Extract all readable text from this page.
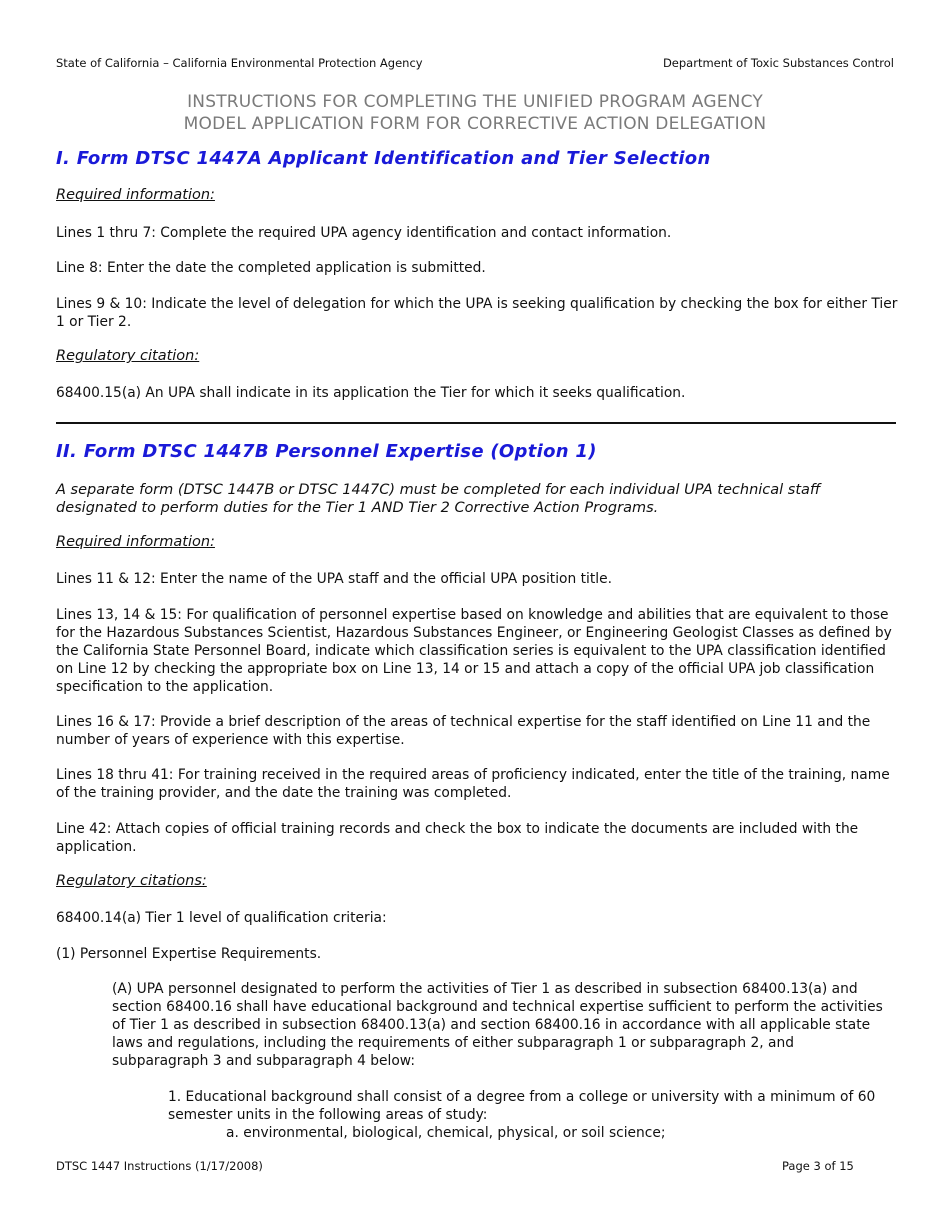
State of California – California Environmental Protection Agency	Department of Toxic Substances Control
INSTRUCTIONS FOR COMPLETING THE UNIFIED PROGRAM AGENCY
MODEL APPLICATION FORM FOR CORRECTIVE ACTION DELEGATION
I. Form DTSC 1447A Applicant Identification and Tier Selection
Required information:

Lines 1 thru 7: Complete the required UPA agency identification and contact information.

Line 8: Enter the date the completed application is submitted.

Lines 9 & 10: Indicate the level of delegation for which the UPA is seeking qualification by checking the box for either Tier 1 or Tier 2.

Regulatory citation:

68400.15(a) An UPA shall indicate in its application the Tier for which it seeks qualification.

II. Form DTSC 1447B Personnel Expertise (Option 1)
A separate form (DTSC 1447B or DTSC 1447C) must be completed for each individual UPA technical staff designated to perform duties for the Tier 1 AND Tier 2 Corrective Action Programs.
Required information:

Lines 11 & 12: Enter the name of the UPA staff and the official UPA position title.

Lines 13, 14 & 15: For qualification of personnel expertise based on knowledge and abilities that are equivalent to those for the Hazardous Substances Scientist, Hazardous Substances Engineer, or Engineering Geologist Classes as defined by the California State Personnel Board, indicate which classification series is equivalent to the UPA classification identified on Line 12 by checking the appropriate box on Line 13, 14 or 15 and attach a copy of the official UPA job classification specification to the application.

Lines 16 & 17: Provide a brief description of the areas of technical expertise for the staff identified on Line 11 and the number of years of experience with this expertise.

Lines 18 thru 41: For training received in the required areas of proficiency indicated, enter the title of the training, name of the training provider, and the date the training was completed.

Line 42: Attach copies of official training records and check the box to indicate the documents are included with the application.

Regulatory citations:

68400.14(a) Tier 1 level of qualification criteria:

(1) Personnel Expertise Requirements.

(A) UPA personnel designated to perform the activities of Tier 1 as described in subsection 68400.13(a) and section 68400.16 shall have educational background and technical expertise sufficient to perform the activities of Tier 1 as described in subsection 68400.13(a) and section 68400.16 in accordance with all applicable state laws and regulations, including the requirements of either subparagraph 1 or subparagraph 2, and subparagraph 3 and subparagraph 4 below:

1. Educational background shall consist of a degree from a college or university with a minimum of 60 semester units in the following areas of study:

a. environmental, biological, chemical, physical, or soil science;

DTSC 1447 Instructions (1/17/2008)	Page 3 of 15
